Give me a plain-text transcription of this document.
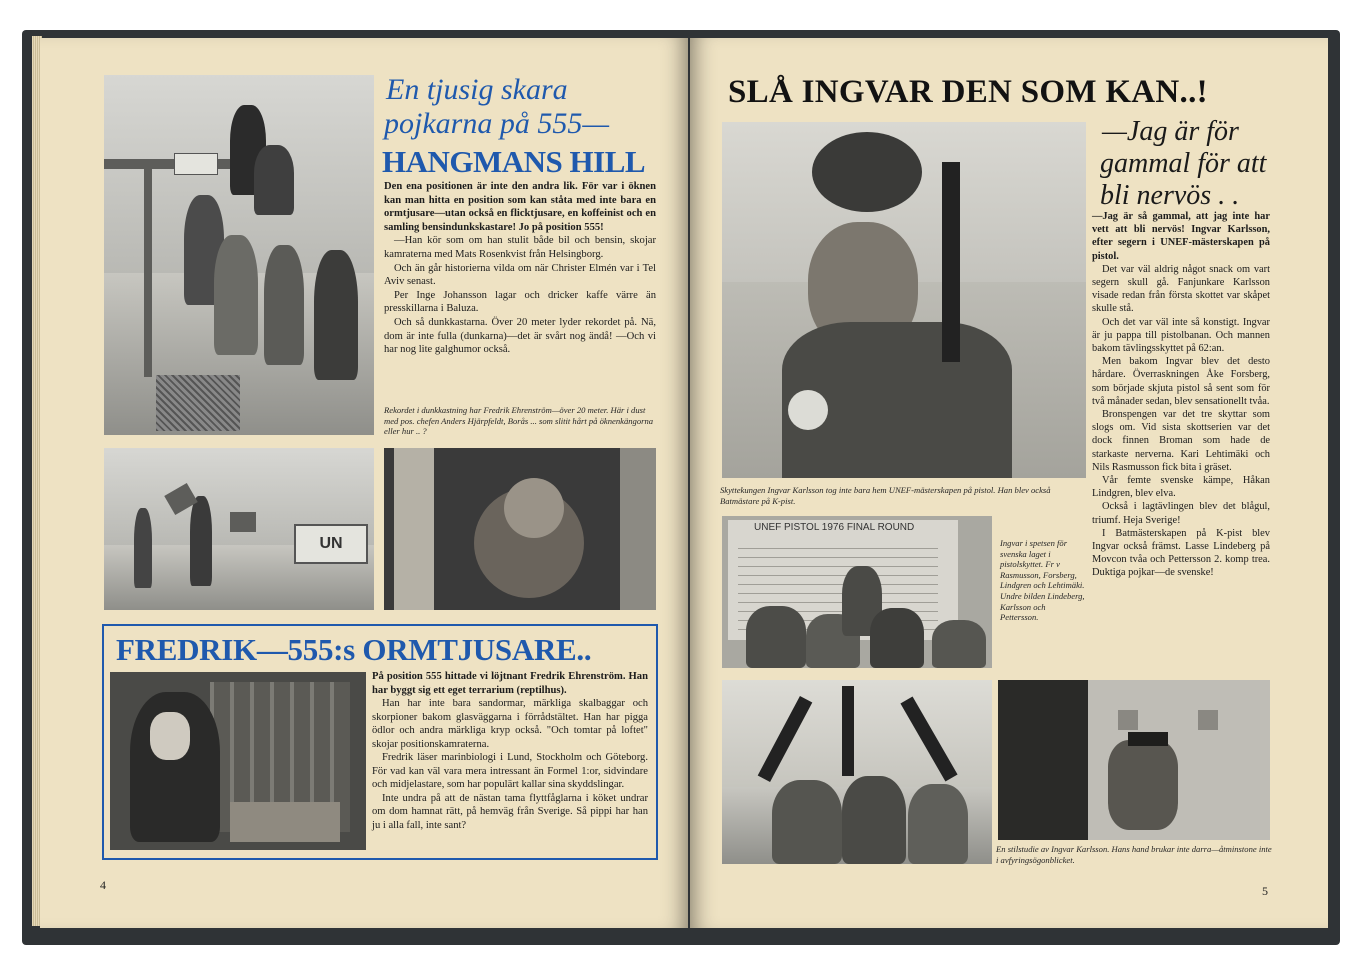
En tjusig skara
pojkarna på 555—
HANGMANS HILL

Den ena positionen är inte den andra lik. För var i öknen kan man hitta en position som kan ståta med inte bara en ormtjusare—utan också en flicktjusare, en koffeinist och en samling bensindunkskastare! Jo på position 555!

—Han kör som om han stulit både bil och bensin, skojar kamraterna med Mats Rosenkvist från Helsingborg.

Och än går historierna vilda om när Christer Elmén var i Tel Aviv senast.

Per Inge Johansson lagar och dricker kaffe värre än presskillarna i Baluza.

Och så dunkkastarna. Över 20 meter lyder rekordet på. Nä, dom är inte fulla (dunkarna)—det är svårt nog ändå! —Och vi har nog lite galghumor också.

Rekordet i dunkkastning har Fredrik Ehrenström—över 20 meter. Här i dust med pos. chefen Anders Hjärpfeldt, Borås ... som slitit hårt på öknenkängorna eller hur .. ?
UN
FREDRIK—555:s ORMTJUSARE..

På position 555 hittade vi löjtnant Fredrik Ehrenström. Han har byggt sig ett eget terrarium (reptilhus).

Han har inte bara sandormar, märkliga skalbaggar och skorpioner bakom glasväggarna i förrådstältet. Han har pigga ödlor och andra märkliga kryp också. "Och tomtar på loftet" skojar positionskamraterna.

Fredrik läser marinbiologi i Lund, Stockholm och Göteborg. För vad kan väl vara mera intressant än Formel 1:or, sidvindare och midjelastare, som har populärt kallar sina skyddslingar.

Inte undra på att de nästan tama flyttfåglarna i köket undrar om dom hamnat rätt, på hemväg från Sverige. Så pippi har han ju i alla fall, inte sant?

4
SLÅ INGVAR DEN SOM KAN..!
Skyttekungen Ingvar Karlsson tog inte bara hem UNEF-mästerskapen på pistol. Han blev också Batmästare på K-pist.
—Jag är för
gammal för att
bli nervös . .

—Jag är så gammal, att jag inte har vett att bli nervös! Ingvar Karlsson, efter segern i UNEF-mästerskapen på pistol.

Det var väl aldrig något snack om vart segern skull gå. Fanjunkare Karlsson visade redan från första skottet var skåpet skulle stå.

Och det var väl inte så konstigt. Ingvar är ju pappa till pistolbanan. Och mannen bakom tävlingsskyttet på 62:an.

Men bakom Ingvar blev det desto hårdare. Överraskningen Åke Forsberg, som började skjuta pistol så sent som för två månader sedan, blev sensationellt tvåa.

Bronspengen var det tre skyttar som slogs om. Vid sista skottserien var det dock finnen Broman som hade de starkaste nerverna. Kari Lehtimäki och Nils Rasmusson fick bita i gräset.

Vår femte svenske kämpe, Håkan Lindgren, blev elva.

Också i lagtävlingen blev det blågul, triumf. Heja Sverige!

I Batmästerskapen på K-pist blev Ingvar också främst. Lasse Lindeberg på Movcon tvåa och Pettersson 2. komp trea. Duktiga pojkar—de svenske!

UNEF PISTOL 1976 FINAL ROUND
Ingvar i spetsen för svenska laget i pistolskyttet. Fr v Rasmusson, Forsberg, Lindgren och Lehtimäki. Undre bilden Lindeberg, Karlsson och Pettersson.
En stilstudie av Ingvar Karlsson. Hans hand brukar inte darra—åtminstone inte i avfyringsögonblicket.
5
